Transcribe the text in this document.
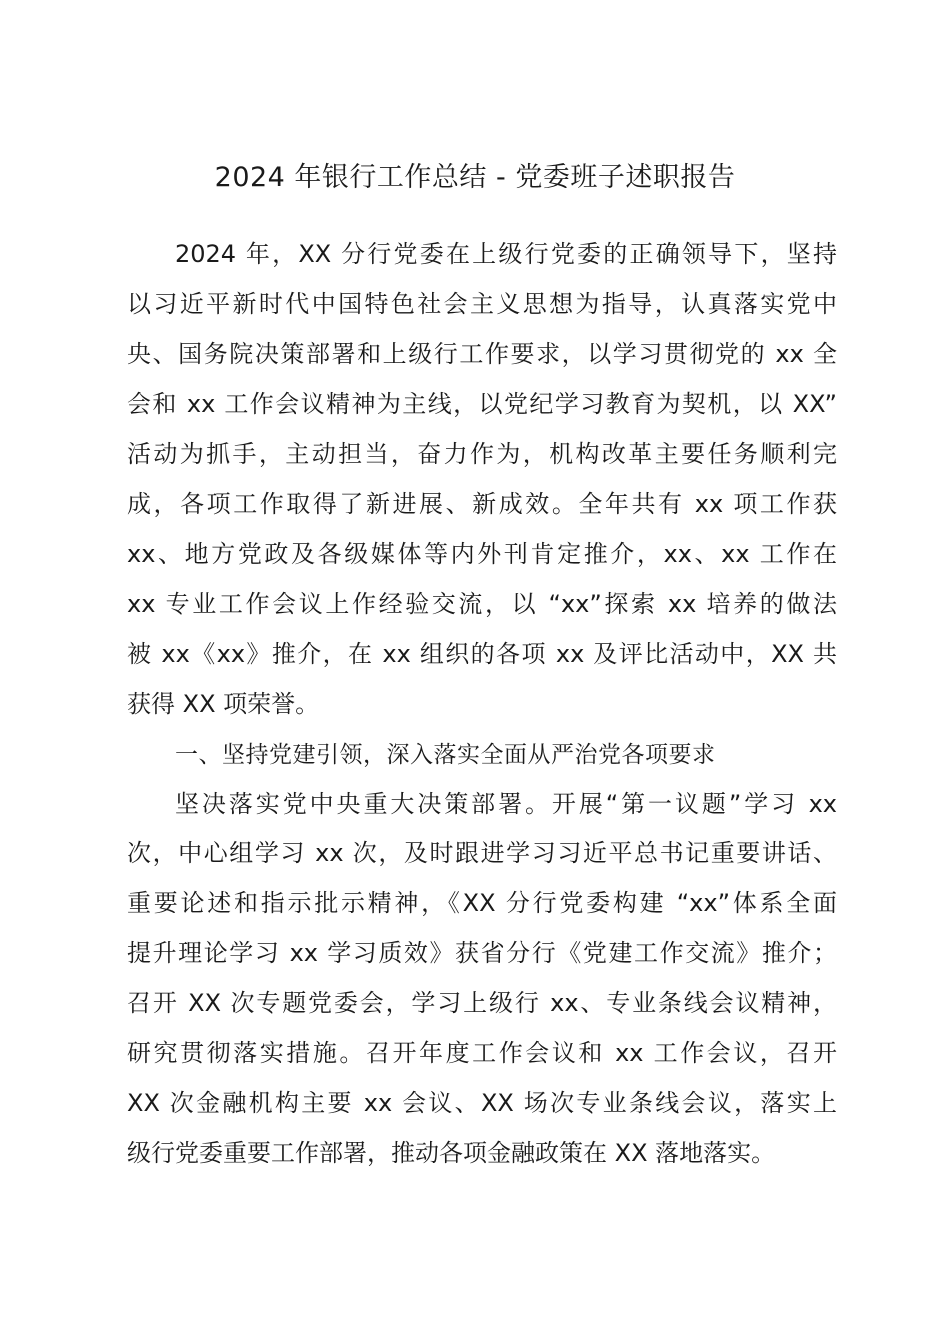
2024 年银行工作总结 - 党委班子述职报告
2024 年，XX 分行党委在上级行党委的正确领导下，坚持
以习近平新时代中国特色社会主义思想为指导，认真落实党中
央、国务院决策部署和上级行工作要求，以学习贯彻党的 xx 全
会和 xx 工作会议精神为主线，以党纪学习教育为契机，以 XX”
活动为抓手，主动担当，奋力作为，机构改革主要任务顺利完
成，各项工作取得了新进展、新成效。全年共有 xx 项工作获
xx、地方党政及各级媒体等内外刊肯定推介，xx、xx 工作在
xx 专业工作会议上作经验交流，以 “xx”探索 xx 培养的做法
被 xx《xx》推介，在 xx 组织的各项 xx 及评比活动中，XX 共
获得 XX 项荣誉。
一、坚持党建引领，深入落实全面从严治党各项要求
坚决落实党中央重大决策部署。开展“第一议题”学习 xx
次，中心组学习 xx 次，及时跟进学习习近平总书记重要讲话、
重要论述和指示批示精神，《XX 分行党委构建 “xx”体系全面
提升理论学习 xx 学习质效》获省分行《党建工作交流》推介；
召开 XX 次专题党委会，学习上级行 xx、专业条线会议精神，
研究贯彻落实措施。召开年度工作会议和 xx 工作会议，召开
XX 次金融机构主要 xx 会议、XX 场次专业条线会议，落实上
级行党委重要工作部署，推动各项金融政策在 XX 落地落实。
